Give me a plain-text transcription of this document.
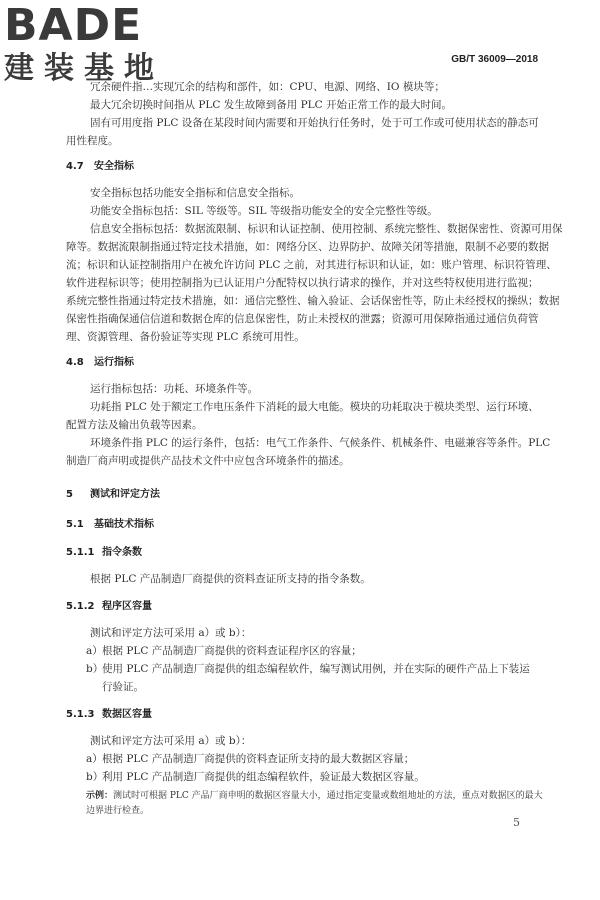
BADE
建装基地	GB/T 36009—2018
冗余硬件指…实现冗余的结构和部件，如：CPU、电源、网络、IO 模块等；
最大冗余切换时间指从 PLC 发生故障到备用 PLC 开始正常工作的最大时间。
固有可用度指 PLC 设备在某段时间内需要和开始执行任务时，处于可工作或可使用状态的静态可
用性程度。
4.7 安全指标
安全指标包括功能安全指标和信息安全指标。
功能安全指标包括：SIL 等级等。SIL 等级指功能安全的安全完整性等级。
信息安全指标包括：数据流限制、标识和认证控制、使用控制、系统完整性、数据保密性、资源可用保
障等。数据流限制指通过特定技术措施，如：网络分区、边界防护、故障关闭等措施，限制不必要的数据
流；标识和认证控制指用户在被允许访问 PLC 之前，对其进行标识和认证，如：账户管理、标识符管理、
软件进程标识等；使用控制指为已认证用户分配特权以执行请求的操作，并对这些特权使用进行监视；
系统完整性指通过特定技术措施，如：通信完整性、输入验证、会话保密性等，防止未经授权的操纵；数据
保密性指确保通信信道和数据仓库的信息保密性，防止未授权的泄露；资源可用保障指通过通信负荷管
理、资源管理、备份验证等实现 PLC 系统可用性。
4.8 运行指标
运行指标包括：功耗、环境条件等。
功耗指 PLC 处于额定工作电压条件下消耗的最大电能。模块的功耗取决于模块类型、运行环境、
配置方法及输出负载等因素。
环境条件指 PLC 的运行条件，包括：电气工作条件、气候条件、机械条件、电磁兼容等条件。PLC
制造厂商声明或提供产品技术文件中应包含环境条件的描述。
5 测试和评定方法
5.1 基础技术指标
5.1.1 指令条数
根据 PLC 产品制造厂商提供的资料查证所支持的指令条数。
5.1.2 程序区容量
测试和评定方法可采用 a）或 b）：
a）根据 PLC 产品制造厂商提供的资料查证程序区的容量；
b）使用 PLC 产品制造厂商提供的组态编程软件，编写测试用例，并在实际的硬件产品上下装运
行验证。
5.1.3 数据区容量
测试和评定方法可采用 a）或 b）：
a）根据 PLC 产品制造厂商提供的资料查证所支持的最大数据区容量；
b）利用 PLC 产品制造厂商提供的组态编程软件，验证最大数据区容量。
示例：测试时可根据 PLC 产品厂商申明的数据区容量大小，通过指定变量或数组地址的方法，重点对数据区的最大
边界进行检查。
5
